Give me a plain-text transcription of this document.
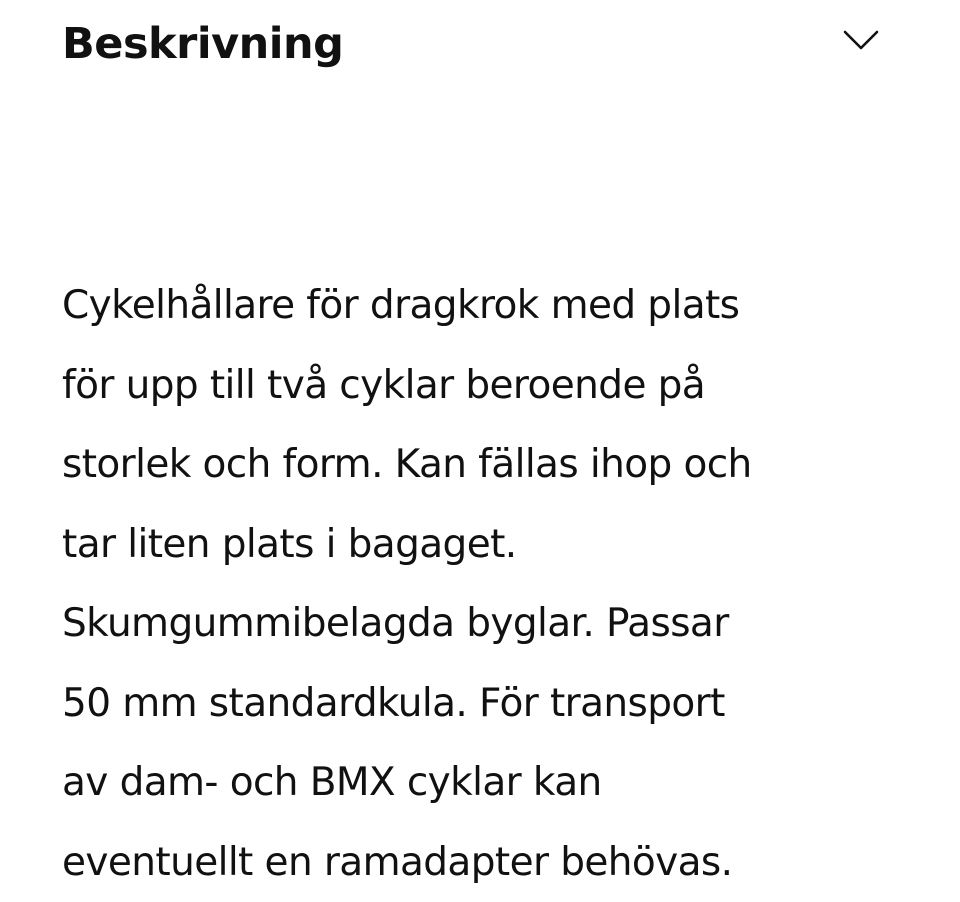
Beskrivning

Cykelhållare för dragkrok med plats
för upp till två cyklar beroende på
storlek och form. Kan fällas ihop och
tar liten plats i bagaget.
Skumgummibelagda byglar. Passar
50 mm standardkula. För transport
av dam- och BMX cyklar kan
eventuellt en ramadapter behövas.
